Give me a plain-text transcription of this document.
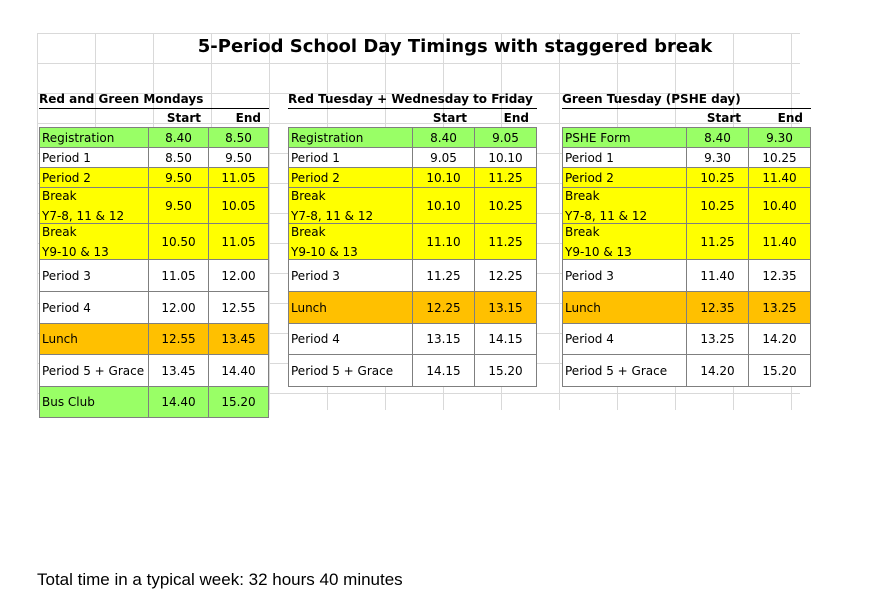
5-Period School Day Timings with staggered break
Red and Green Mondays
Start	End
Registration	8.40	8.50
Period 1	8.50	9.50
Period 2	9.50	11.05
Break
Y7-8, 11 & 12
9.50	10.05
Break
Y9-10 & 13
10.50	11.05
Period 3	11.05	12.00
Period 4	12.00	12.55
Lunch	12.55	13.45
Period 5 + Grace	13.45	14.40
Bus Club	14.40	15.20
Red Tuesday + Wednesday to Friday
Start	End
Registration	8.40	9.05
Period 1	9.05	10.10
Period 2	10.10	11.25
Break
Y7-8, 11 & 12
10.10	10.25
Break
Y9-10 & 13
11.10	11.25
Period 3	11.25	12.25
Lunch	12.25	13.15
Period 4	13.15	14.15
Period 5 + Grace	14.15	15.20
Green Tuesday (PSHE day)
Start	End
PSHE Form	8.40	9.30
Period 1	9.30	10.25
Period 2	10.25	11.40
Break
Y7-8, 11 & 12
10.25	10.40
Break
Y9-10 & 13
11.25	11.40
Period 3	11.40	12.35
Lunch	12.35	13.25
Period 4	13.25	14.20
Period 5 + Grace	14.20	15.20
Total time in a typical week: 32 hours 40 minutes
